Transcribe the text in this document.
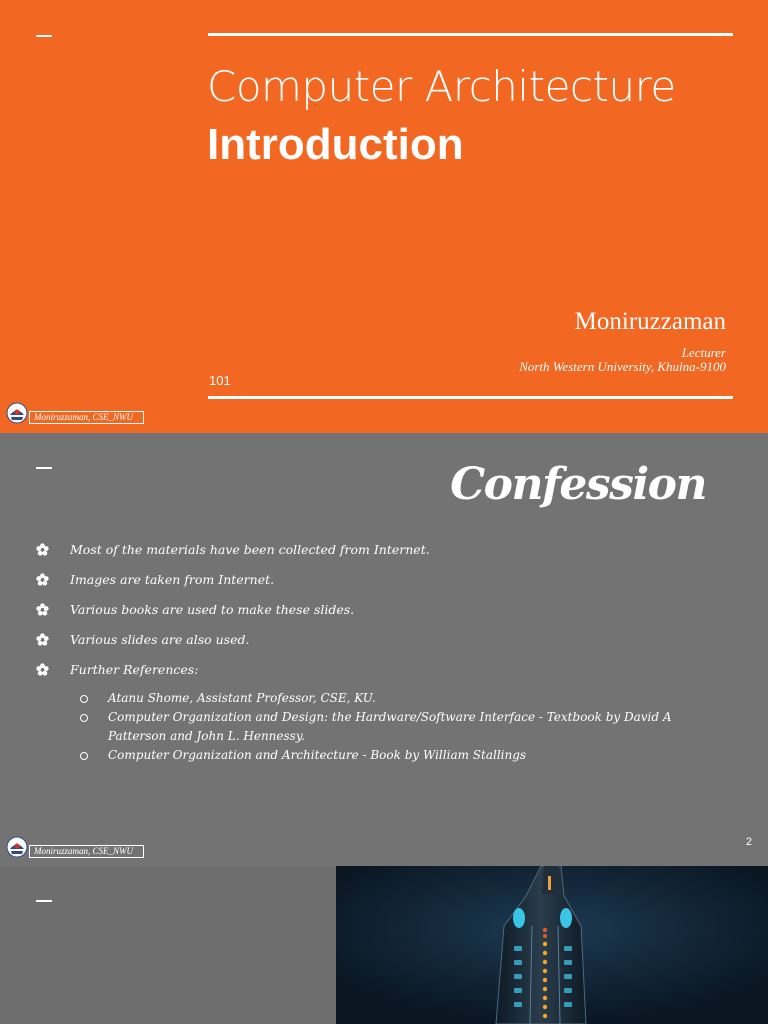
Computer Architecture
Introduction
Moniruzzaman
Lecturer
North Western University, Khulna-9100
101
Moniruzzaman, CSE_NWU
Confession
Most of the materials have been collected from Internet.
Images are taken from Internet.
Various books are used to make these slides.
Various slides are also used.
Further References:
Atanu Shome, Assistant Professor, CSE, KU.
Computer Organization and Design: the Hardware/Software Interface - Textbook by David A Patterson and John L. Hennessy.
Computer Organization and Architecture - Book by William Stallings
Moniruzzaman, CSE_NWU
2
